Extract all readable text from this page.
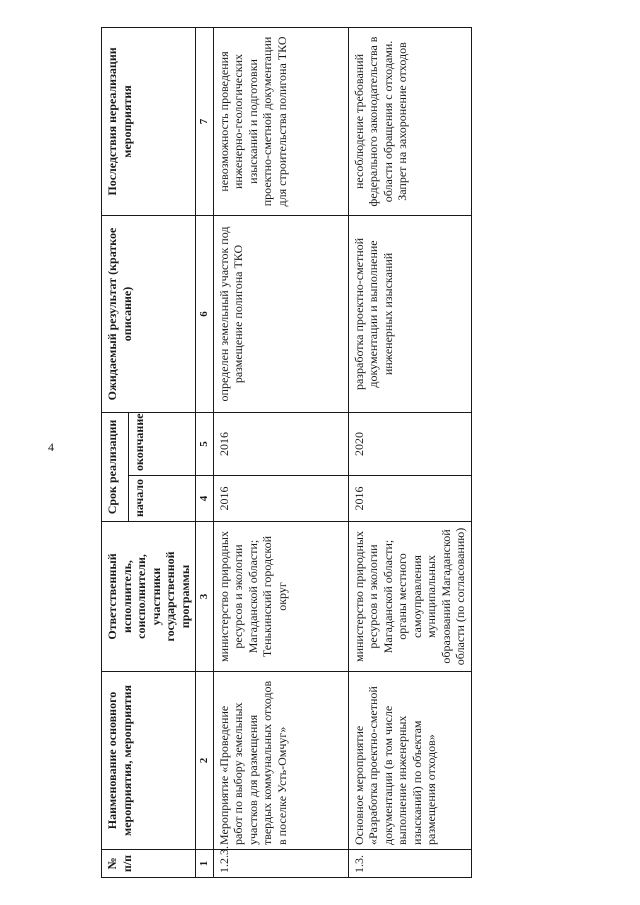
4
№ п/п	Наименование основного мероприятия, мероприятия	Ответственный исполнитель, соисполнители, участники государственной программы	Срок реализации		Ожидаемый результат (краткое описание)	Последствия нереализации мероприятия
			начало	окончание		
1	2	3	4	5	6	7
1.2.3.	Мероприятие «Проведение работ по выбору земельных участков для размещения твердых коммунальных отходов в поселке Усть-Омчуг»	министерство природных ресурсов и экологии Магаданской области; Тенькинский городской округ	2016	2016	определен земельный участок под размещение полигона ТКО	невозможность проведения инженерно-геологических изысканий и подготовки проектно-сметной документации для строительства полигона ТКО
1.3.	Основное мероприятие «Разработка проектно-сметной документации (в том числе выполнение инженерных изысканий) по объектам размещения отходов»	министерство природных ресурсов и экологии Магаданской области; органы местного самоуправления муниципальных образований Магаданской области (по согласованию)	2016	2020	разработка проектно-сметной документации и выполнение инженерных изысканий	несоблюдение требований федерального законодательства в области обращения с отходами. Запрет на захоронение отходов
